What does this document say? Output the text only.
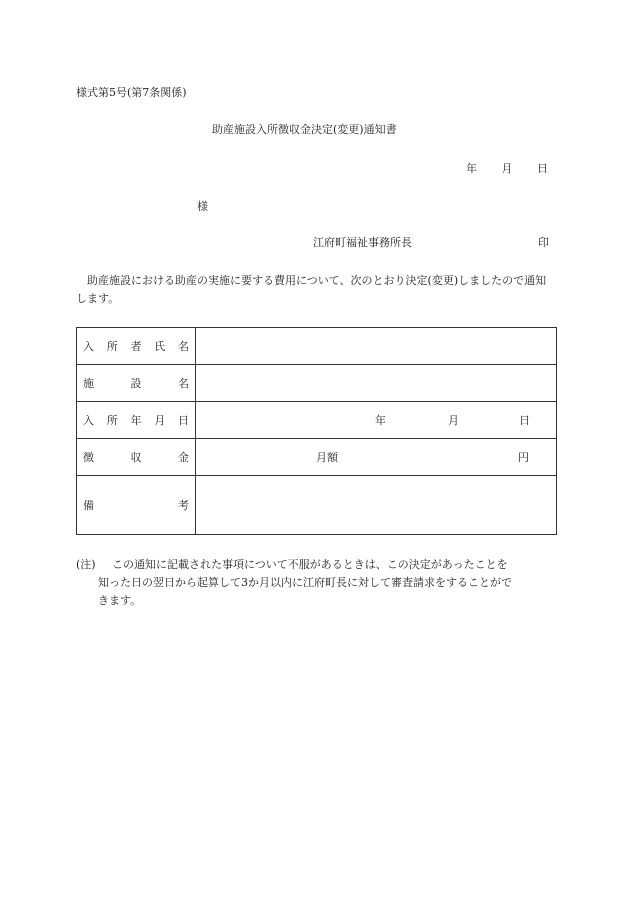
様式第5号(第7条関係)
助産施設入所徴収金決定(変更)通知書
年 月 日
様
江府町福祉事務所長	印
助産施設における助産の実施に要する費用について、次のとおり決定(変更)しましたので通知します。
入 所 者 氏 名	

施 設 名	

入 所 年 月 日	年 月 日

徴 収 金	月額 円

備 考	

(注)	この通知に記載された事項について不服があるときは、この決定があったことを
知った日の翌日から起算して3か月以内に江府町長に対して審査請求をすることがで
きます。
